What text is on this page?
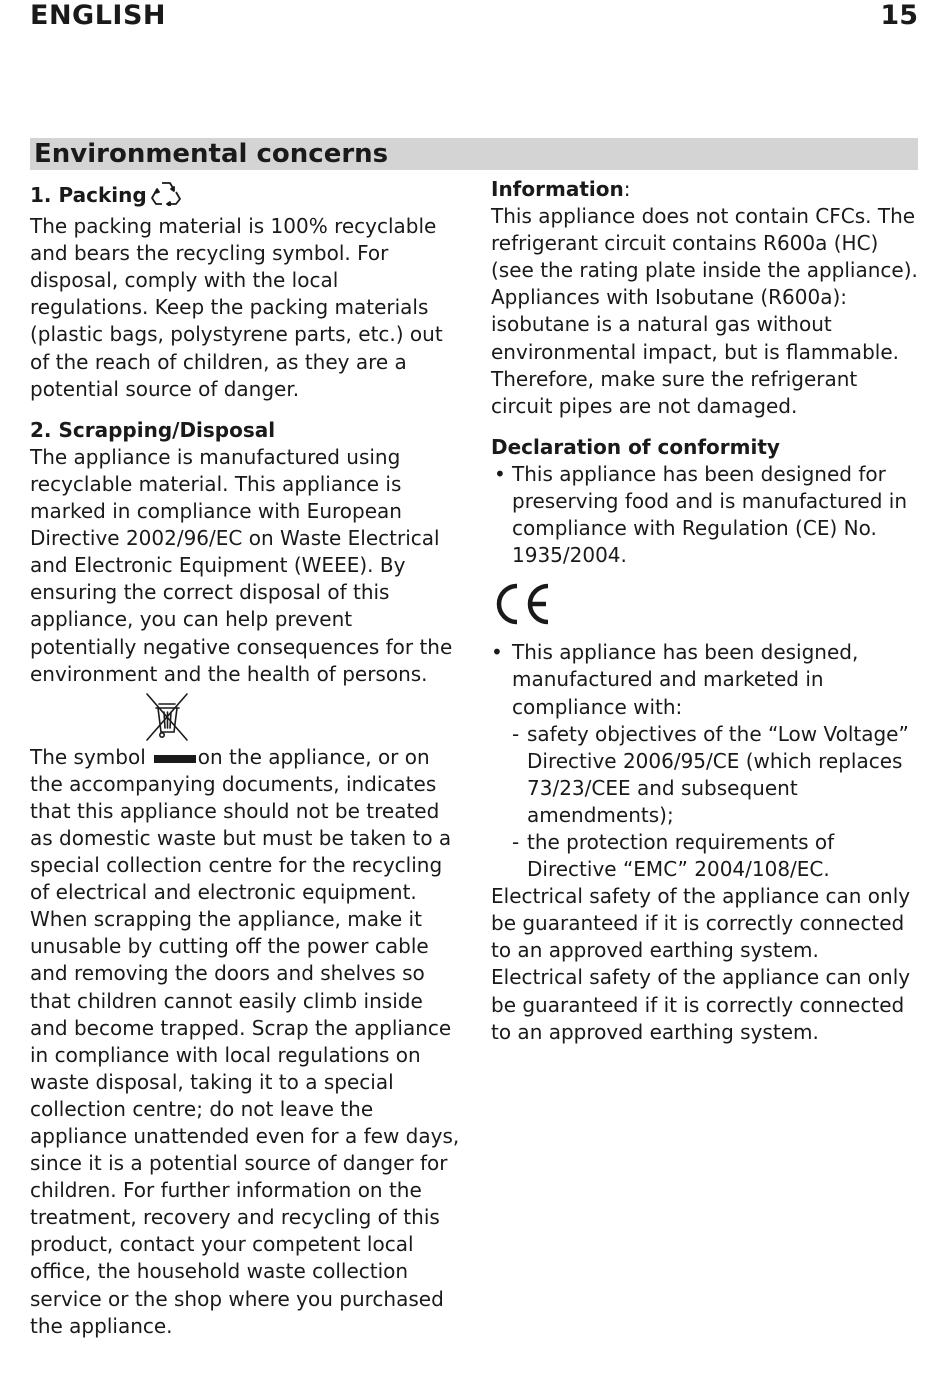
ENGLISH	15
Environmental concerns

1. Packing

The packing material is 100% recyclable and bears the recycling symbol. For disposal, comply with the local regulations. Keep the packing materials (plastic bags, polystyrene parts, etc.) out of the reach of children, as they are a potential source of danger.

2. Scrapping/Disposal

The appliance is manufactured using recyclable material. This appliance is marked in compliance with European Directive 2002/96/EC on Waste Electrical and Electronic Equipment (WEEE). By ensuring the correct disposal of this appliance, you can help prevent potentially negative consequences for the environment and the health of persons.

The symbol	on the appliance, or on the accompanying documents, indicates that this appliance should not be treated as domestic waste but must be taken to a special collection centre for the recycling of electrical and electronic equipment. When scrapping the appliance, make it unusable by cutting off the power cable and removing the doors and shelves so that children cannot easily climb inside and become trapped. Scrap the appliance in compliance with local regulations on waste disposal, taking it to a special collection centre; do not leave the appliance unattended even for a few days, since it is a potential source of danger for children. For further information on the treatment, recovery and recycling of this product, contact your competent local office, the household waste collection service or the shop where you purchased the appliance.

Information:

This appliance does not contain CFCs. The refrigerant circuit contains R600a (HC) (see the rating plate inside the appliance).

Appliances with Isobutane (R600a): isobutane is a natural gas without environmental impact, but is flammable. Therefore, make sure the refrigerant circuit pipes are not damaged.

Declaration of conformity

• This appliance has been designed for preserving food and is manufactured in compliance with Regulation (CE) No. 1935/2004.

• This appliance has been designed, manufactured and marketed in compliance with:
- safety objectives of the “Low Voltage” Directive 2006/95/CE (which replaces 73/23/CEE and subsequent amendments);
- the protection requirements of Directive “EMC” 2004/108/EC.

Electrical safety of the appliance can only be guaranteed if it is correctly connected to an approved earthing system.

Electrical safety of the appliance can only be guaranteed if it is correctly connected to an approved earthing system.
